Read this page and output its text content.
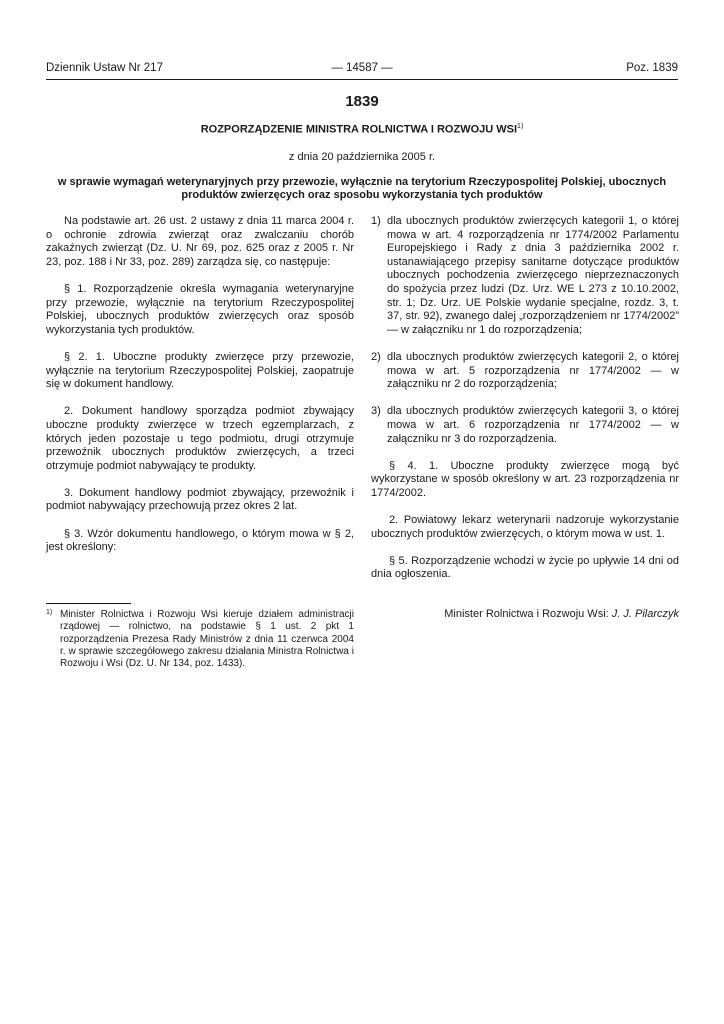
Dziennik Ustaw Nr 217	— 14587 —	Poz. 1839
1839
ROZPORZĄDZENIE MINISTRA ROLNICTWA I ROZWOJU WSI$^{1)}$
z dnia 20 października 2005 r.
w sprawie wymagań weterynaryjnych przy przewozie, wyłącznie na terytorium Rzeczypospolitej Polskiej, ubocznych produktów zwierzęcych oraz sposobu wykorzystania tych produktów

Na podstawie art. 26 ust. 2 ustawy z dnia 11 marca 2004 r. o ochronie zdrowia zwierząt oraz zwalczaniu chorób zakaźnych zwierząt (Dz. U. Nr 69, poz. 625 oraz z 2005 r. Nr 23, poz. 188 i Nr 33, poz. 289) zarządza się, co następuje:

§ 1. Rozporządzenie określa wymagania weterynaryjne przy przewozie, wyłącznie na terytorium Rzeczypospolitej Polskiej, ubocznych produktów zwierzęcych oraz sposób wykorzystania tych produktów.

§ 2. 1. Uboczne produkty zwierzęce przy przewozie, wyłącznie na terytorium Rzeczypospolitej Polskiej, zaopatruje się w dokument handlowy.

2. Dokument handlowy sporządza podmiot zbywający uboczne produkty zwierzęce w trzech egzemplarzach, z których jeden pozostaje u tego podmiotu, drugi otrzymuje przewoźnik ubocznych produktów zwierzęcych, a trzeci otrzymuje podmiot nabywający te produkty.

3. Dokument handlowy podmiot zbywający, przewoźnik i podmiot nabywający przechowują przez okres 2 lat.

§ 3. Wzór dokumentu handlowego, o którym mowa w § 2, jest określony:

1) Minister Rolnictwa i Rozwoju Wsi kieruje działem administracji rządowej — rolnictwo, na podstawie § 1 ust. 2 pkt 1 rozporządzenia Prezesa Rady Ministrów z dnia 11 czerwca 2004 r. w sprawie szczegółowego zakresu działania Ministra Rolnictwa i Rozwoju i Wsi (Dz. U. Nr 134, poz. 1433).
1) dla ubocznych produktów zwierzęcych kategorii 1, o której mowa w art. 4 rozporządzenia nr 1774/2002 Parlamentu Europejskiego i Rady z dnia 3 października 2002 r. ustanawiającego przepisy sanitarne dotyczące produktów ubocznych pochodzenia zwierzęcego nieprzeznaczonych do spożycia przez ludzi (Dz. Urz. WE L 273 z 10.10.2002, str. 1; Dz. Urz. UE Polskie wydanie specjalne, rozdz. 3, t. 37, str. 92), zwanego dalej „rozporządzeniem nr 1774/2002” — w załączniku nr 1 do rozporządzenia;
2) dla ubocznych produktów zwierzęcych kategorii 2, o której mowa w art. 5 rozporządzenia nr 1774/2002 — w załączniku nr 2 do rozporządzenia;
3) dla ubocznych produktów zwierzęcych kategorii 3, o której mowa w art. 6 rozporządzenia nr 1774/2002 — w załączniku nr 3 do rozporządzenia.

§ 4. 1. Uboczne produkty zwierzęce mogą być wykorzystane w sposób określony w art. 23 rozporządzenia nr 1774/2002.

2. Powiatowy lekarz weterynarii nadzoruje wykorzystanie ubocznych produktów zwierzęcych, o którym mowa w ust. 1.

§ 5. Rozporządzenie wchodzi w życie po upływie 14 dni od dnia ogłoszenia.

Minister Rolnictwa i Rozwoju Wsi: J. J. Pilarczyk
